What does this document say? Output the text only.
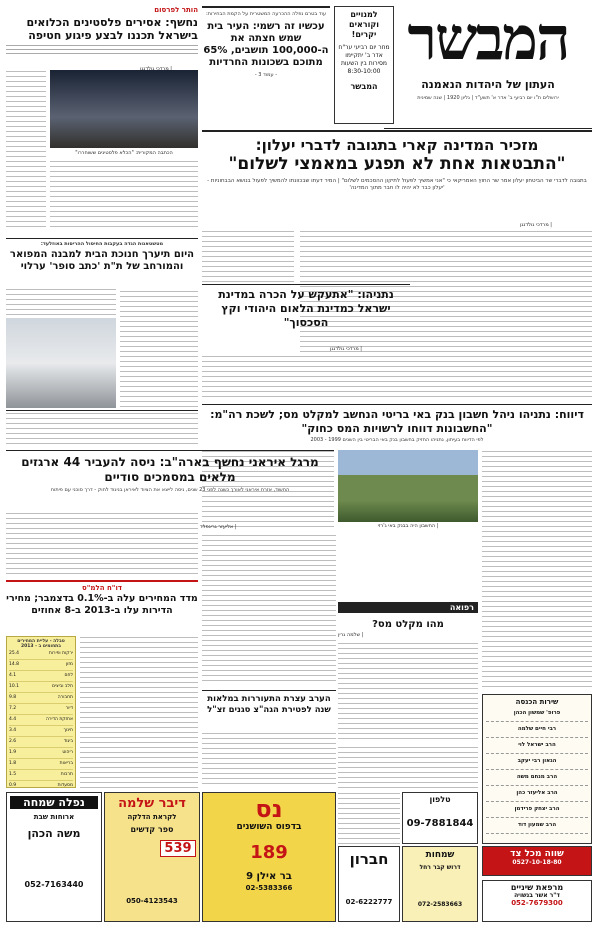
המבשר
העתון של היהדות הנאמנה
ירושלים ת"ו יום רביעי ב' אדר א' תשע"ד | גליון 1920 | שנה שמינית
למנויים וקוראים יקרים!
מחר יום רביעי ער"ח אדר ב' יתקיימו מסירות בין השעות 8:30-10:00
המבשר
עוד בטרם נפלה ההכרעה המשטרית על הקמת הבחירות:
עכשיו זה רשמי: העיר בית שמש חצתה את ה-100,000 תושבים, 65% מתוכם בשכונות החרדיות
- עמוד 3 -
הותר לפרסום
נחשף: אסירים פלסטינים הכלואים בישראל תכננו לבצע פיגוע חטיפה
הכתבה המקורית: "הכלא פלסטינים ששוחררו"
| מרדכי גולדנגן
מזכיר המדינה קארי בתגובה לדברי יעלון:
"התבטאות אחת לא תפגע במאמצי לשלום"
בתגובה לדברי שר הביטחון יעלון אמר שר החוץ האמריקאי כי "אני אמשיך לפעול לתיקון ההסכמים לשלום" | המיר דעתו שבכוונתו להמשיך לפעול בנושא הבבחוניות - 'יעלון כבר לא יהיה לו חבר מתוך המדינה'
| מרדכי גולדנגן
נתניהו: "אתעקש על הכרה במדינת ישראל כמדינת הלאום היהודי וקץ הסכסוך"
| מרדכי גולדנגן
מטשטאנות הגדה בעקבות החיסול ההריסות באוזלעד:
היום תיערך חנוכת הבית למבנה המפואר והמורחב של ת"ת 'כתב סופר' ערלוי
דיווח: נתניהו ניהל חשבון בנק באי בריטי הנחשב למקלט מס; לשכת רה"מ: "החשבונות דווחו לרשויות המס כחוק"
לפי הדיווח בעיתון, נתניהו החזיק בחשבון בנק באי הבריטי בין השנים 1999 - 2003
| החשבון היה בבנק באי ג'רזי
מרגל איראני נחשף בארה"ב: ניסה להעביר 44 ארגזים מלאים במסמכים סודיים
החשוד, אזרח איראני לאורך כשנה לפני 23 שנים, ניסה לייצא את הציוד לאיראן בניגוד לחוק - דרך סוכני עם פיתוח
| אליעזר גרינפלד
דו"ח הלמ"ס
מדד המחירים עלה ב-0.1% בדצמבר; מחירי הדירות עלו ב-2013 ב-8 אחוזים
טבלה - עליית המחירים בתחומים ב - 2013
ירקות ופירות
25.4
מזון
14.8
לחם
4.1
חלב וביצים
10.1
תחבורה
9.8
דיור
7.2
אחזקת הדירה
4.4
חינוך
3.4
ביגוד
2.6
ריהוט
1.9
בריאות
1.8
תרבות
1.5
מסעדות
0.9
רפואה
מהו מקלט מס?
| שלמה גרין
הערב עצרת התעוררות במלאות שנה לפטירת הגה"צ סגנים זצ"ל
שירות הכנסה
פרופ' שמשון הכהן
רבי חיים שלמה
הרב ישראל לוי
הגאון רבי יעקב
הרב מנחם משה
הרב אליעזר כהן
הרב יצחק פרידמן
הרב שמעון דוד
נפלה שמחה
ארוחות שבת
משה הכהן
052-7163440
דיבר שלמה
לקראת הדלקה
ספר קדשים
539
050-4123543
נס
בדפוס השושנים
189
בר אילן 9
02-5383366
חברון
02-6222777
שמחות
דרוש קבר רחל
072-2583663
שווה מכל צד
0527-10-18-80
טלפון
09-7881844
מרפאת שיניים
ד"ר אשר בנשויה
052-7679300
